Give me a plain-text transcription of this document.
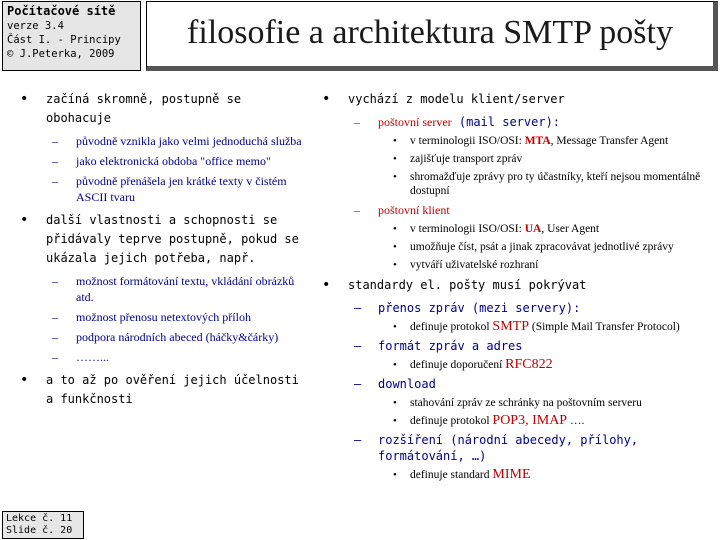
Počítačové sítě
verze 3.4
Část I. - Principy
© J.Peterka, 2009
filosofie a architektura SMTP pošty
• začíná skromně, postupně se obohacuje
– původně vznikla jako velmi jednoduchá služba
– jako elektronická obdoba "office memo"
– původně přenášela jen krátké texty v čistém ASCII tvaru
• další vlastnosti a schopnosti se přidávaly teprve postupně, pokud se ukázala jejich potřeba, např.
– možnost formátování textu, vkládání obrázků atd.
– možnost přenosu netextových příloh
– podpora národních abeced (háčky&čárky)
– ……...
• a to až po ověření jejich účelnosti a funkčnosti
• vychází z modelu klient/server
– poštovní server (mail server):
• v terminologii ISO/OSI: MTA, Message Transfer Agent
• zajišťuje transport zpráv
• shromažďuje zprávy pro ty účastníky, kteří nejsou momentálně dostupní
– poštovní klient
• v terminologii ISO/OSI: UA, User Agent
• umožňuje číst, psát a jinak zpracovávat jednotlivé zprávy
• vytváří uživatelské rozhraní
• standardy el. pošty musí pokrývat
– přenos zpráv (mezi servery):
• definuje protokol SMTP (Simple Mail Transfer Protocol)
– formát zpráv a adres
• definuje doporučení RFC822
– download
• stahování zpráv ze schránky na poštovním serveru
• definuje protokol POP3, IMAP ….
– rozšíření (národní abecedy, přílohy, formátování, …)
• definuje standard MIME
Lekce č. 11
Slide č. 20
